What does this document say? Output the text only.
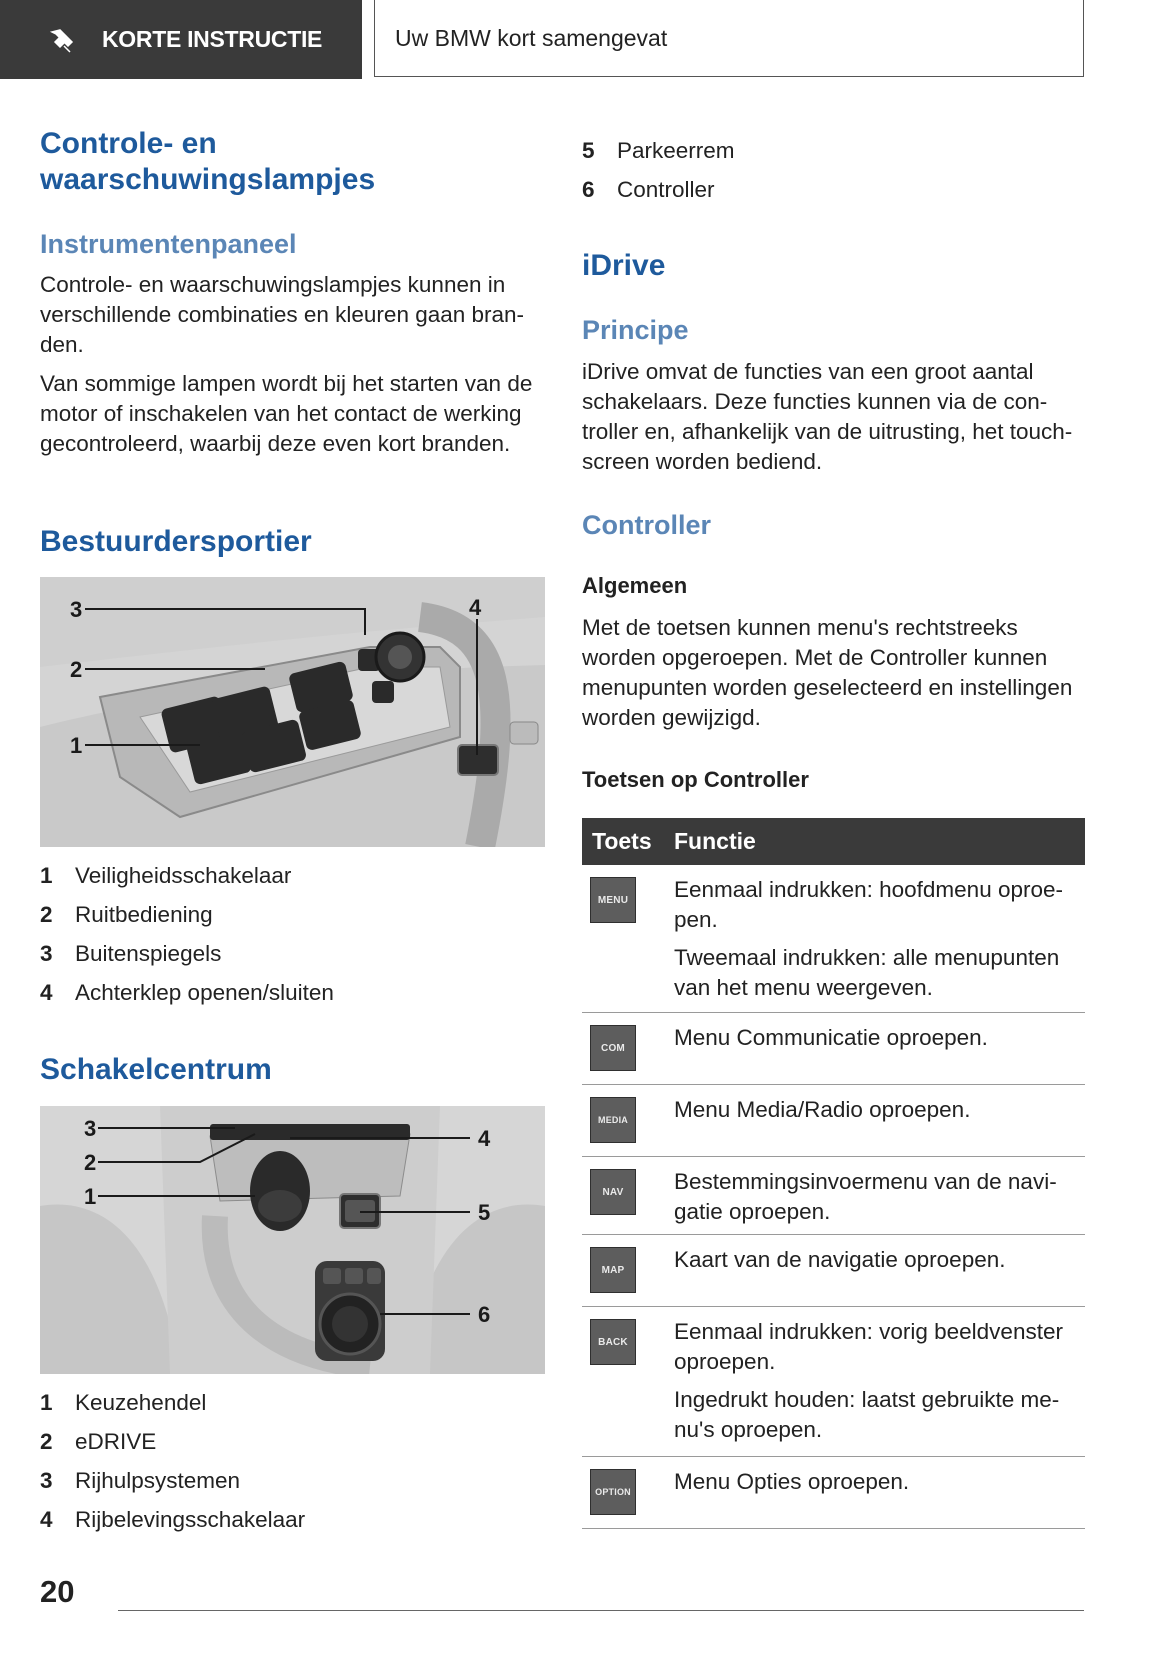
KORTE INSTRUCTIE	Uw BMW kort samengevat
Controle- en waarschuwingslampjes
Instrumentenpaneel
Controle- en waarschuwingslampjes kunnen in verschillende combinaties en kleuren gaan branden.
Van sommige lampen wordt bij het starten van de motor of inschakelen van het contact de werking gecontroleerd, waarbij deze even kort branden.
Bestuurdersportier
3
2
1
4
1 Veiligheidsschakelaar
2 Ruitbediening
3 Buitenspiegels
4 Achterklep openen/sluiten
Schakelcentrum
3
2
1
4
5
6
1 Keuzehendel
2 eDRIVE
3 Rijhulpsystemen
4 Rijbelevingsschakelaar
5 Parkeerrem
6 Controller
iDrive
Principe
iDrive omvat de functies van een groot aantal schakelaars. Deze functies kunnen via de controller en, afhankelijk van de uitrusting, het touchscreen worden bediend.
Controller
Algemeen
Met de toetsen kunnen menu's rechtstreeks worden opgeroepen. Met de Controller kunnen menupunten worden geselecteerd en instellingen worden gewijzigd.
Toetsen op Controller
Toets Functie
MENU	Eenmaal indrukken: hoofdmenu oproepen.

Tweemaal indrukken: alle menupunten van het menu weergeven.

COM	Menu Communicatie oproepen.

MEDIA	Menu Media/Radio oproepen.

NAV	Bestemmingsinvoermenu van de navigatie oproepen.

MAP	Kaart van de navigatie oproepen.

BACK	Eenmaal indrukken: vorig beeldvenster oproepen.

Ingedrukt houden: laatst gebruikte menu's oproepen.

OPTION Menu Opties oproepen.

20
